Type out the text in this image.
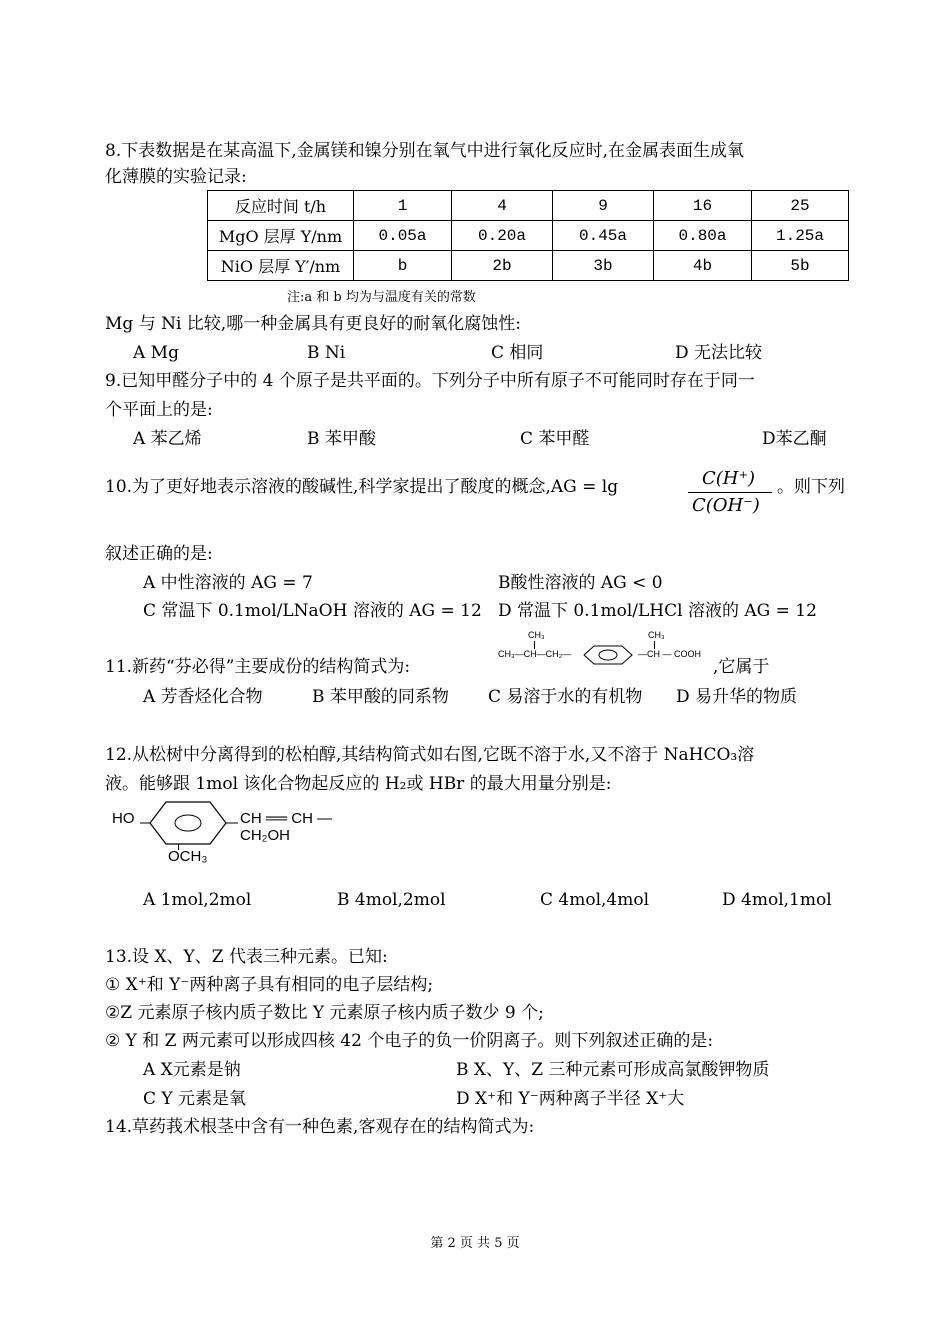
8.下表数据是在某高温下,金属镁和镍分别在氧气中进行氧化反应时,在金属表面生成氧
化薄膜的实验记录:
反应时间 t/h	1	4	9	16	25
MgO 层厚 Y/nm	0.05a	0.20a	0.45a	0.80a	1.25a
NiO 层厚 Y′/nm	b	2b	3b	4b	5b
注:a 和 b 均为与温度有关的常数
Mg 与 Ni 比较,哪一种金属具有更良好的耐氧化腐蚀性:
A Mg	B Ni	C 相同	D 无法比较
9.已知甲醛分子中的 4 个原子是共平面的。下列分子中所有原子不可能同时存在于同一
个平面上的是:
A 苯乙烯	B 苯甲酸	C 苯甲醛	D苯乙酮
10.为了更好地表示溶液的酸碱性,科学家提出了酸度的概念,AG = lg	C(H⁺)
C(OH⁻)
。则下列
叙述正确的是:
A 中性溶液的 AG = 7	B酸性溶液的 AG < 0
C 常温下 0.1mol/LNaOH 溶液的 AG = 12 D 常温下 0.1mol/LHCl 溶液的 AG = 12
11.新药“芬必得”主要成份的结构简式为:
CH₃	CH₃
CH₃—CH—CH₂—	—CH — COOH
,它属于
A 芳香烃化合物	B 苯甲酸的同系物 C 易溶于水的有机物 D 易升华的物质
12.从松树中分离得到的松柏醇,其结构简式如右图,它既不溶于水,又不溶于 NaHCO₃溶
液。能够跟 1mol 该化合物起反应的 H₂或 HBr 的最大用量分别是:
HO	CH ══ CH — CH₂OH
OCH₃
A 1mol,2mol	B 4mol,2mol	C 4mol,4mol	D 4mol,1mol
13.设 X、Y、Z 代表三种元素。已知:
① X⁺和 Y⁻两种离子具有相同的电子层结构;
②Z 元素原子核内质子数比 Y 元素原子核内质子数少 9 个;
② Y 和 Z 两元素可以形成四核 42 个电子的负一价阴离子。则下列叙述正确的是:
A X元素是钠	B X、Y、Z 三种元素可形成高氯酸钾物质
C Y 元素是氧	D X⁺和 Y⁻两种离子半径 X⁺大
14.草药莪术根茎中含有一种色素,客观存在的结构简式为:
第 2 页 共 5 页
